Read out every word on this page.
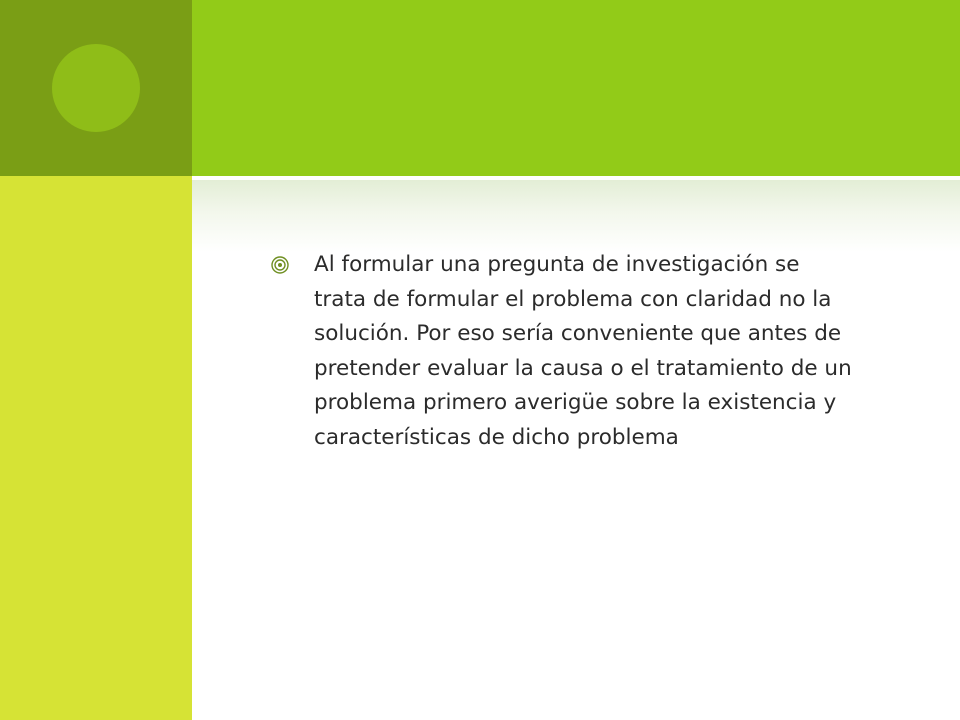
Al formular una pregunta de investigación se
trata de formular el problema con claridad no la
solución. Por eso sería conveniente que antes de
pretender evaluar la causa o el tratamiento de un
problema primero averigüe sobre la existencia y
características de dicho problema
